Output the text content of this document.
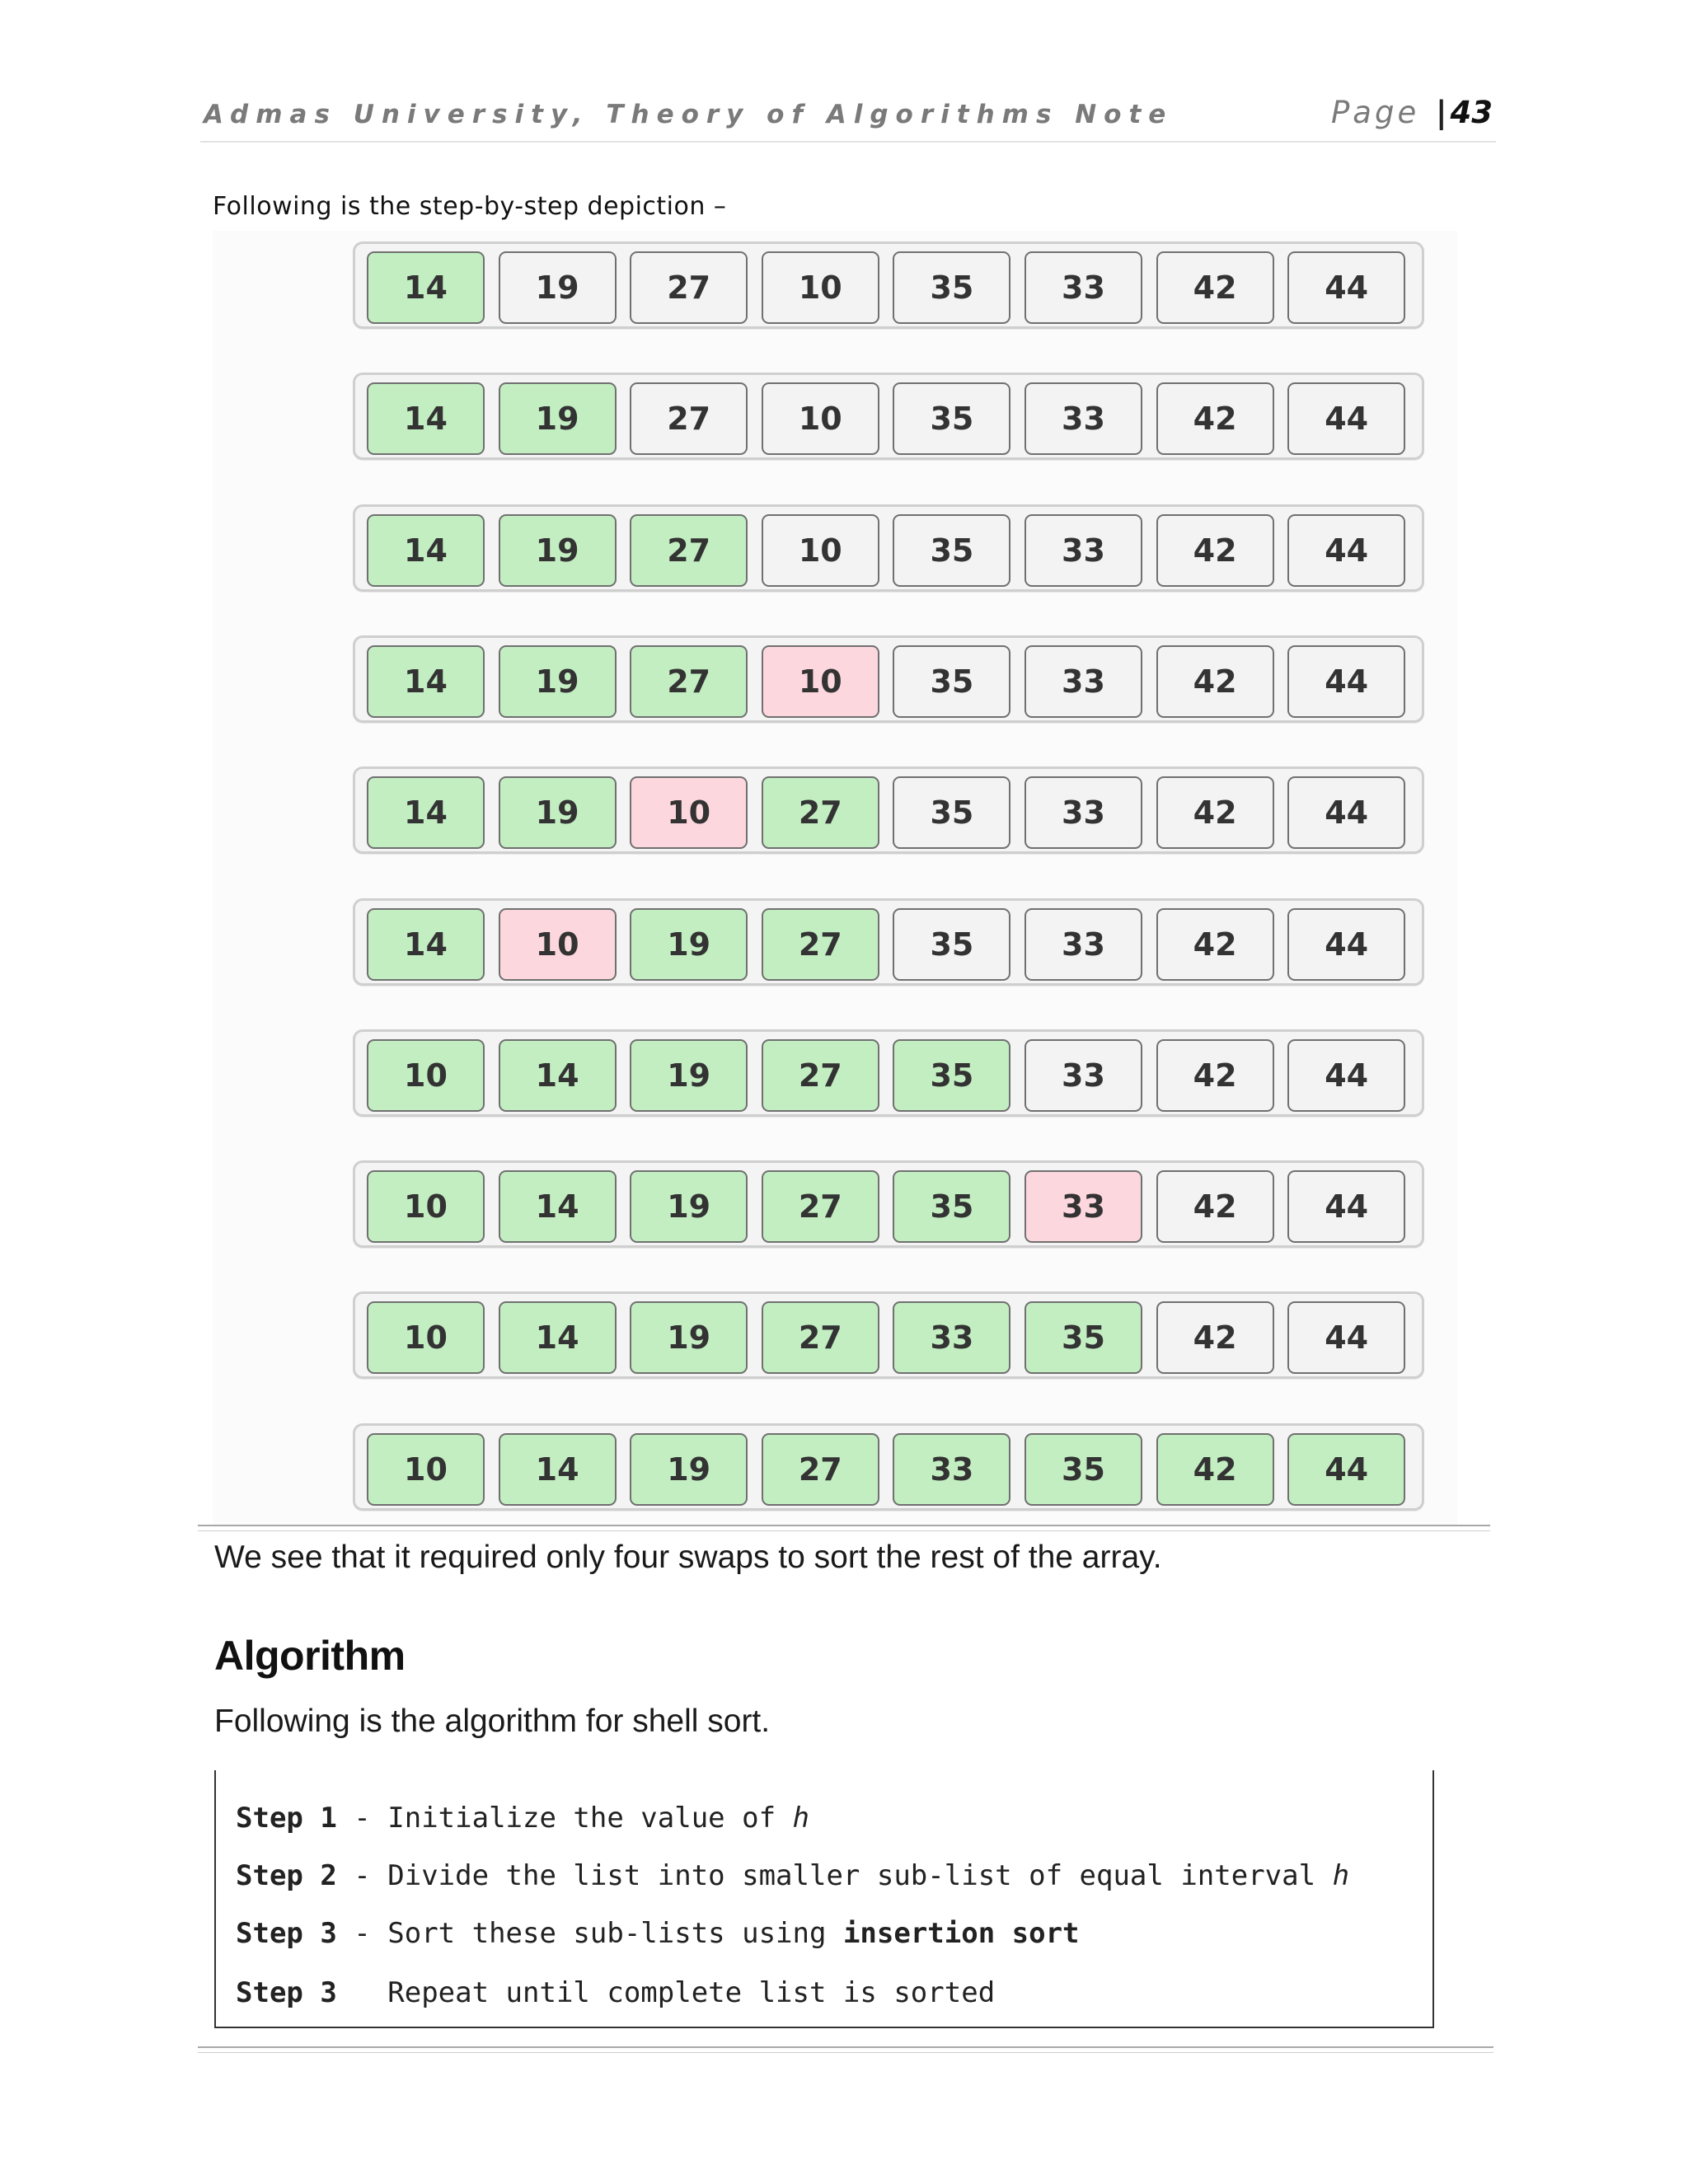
Admas University, Theory of Algorithms Note	Page | 43
Following is the step-by-step depiction –
14	19	27	10	35	33	42	44
14	19	27	10	35	33	42	44
14	19	27	10	35	33	42	44
14	19	27	10	35	33	42	44
14	19	10	27	35	33	42	44
14	10	19	27	35	33	42	44
10	14	19	27	35	33	42	44
10	14	19	27	35	33	42	44
10	14	19	27	33	35	42	44
10	14	19	27	33	35	42	44
We see that it required only four swaps to sort the rest of the array.
Algorithm
Following is the algorithm for shell sort.
Step 1 - Initialize the value of h
Step 2 - Divide the list into smaller sub-list of equal interval h
Step 3 - Sort these sub-lists using insertion sort
Step 3 Repeat until complete list is sorted
